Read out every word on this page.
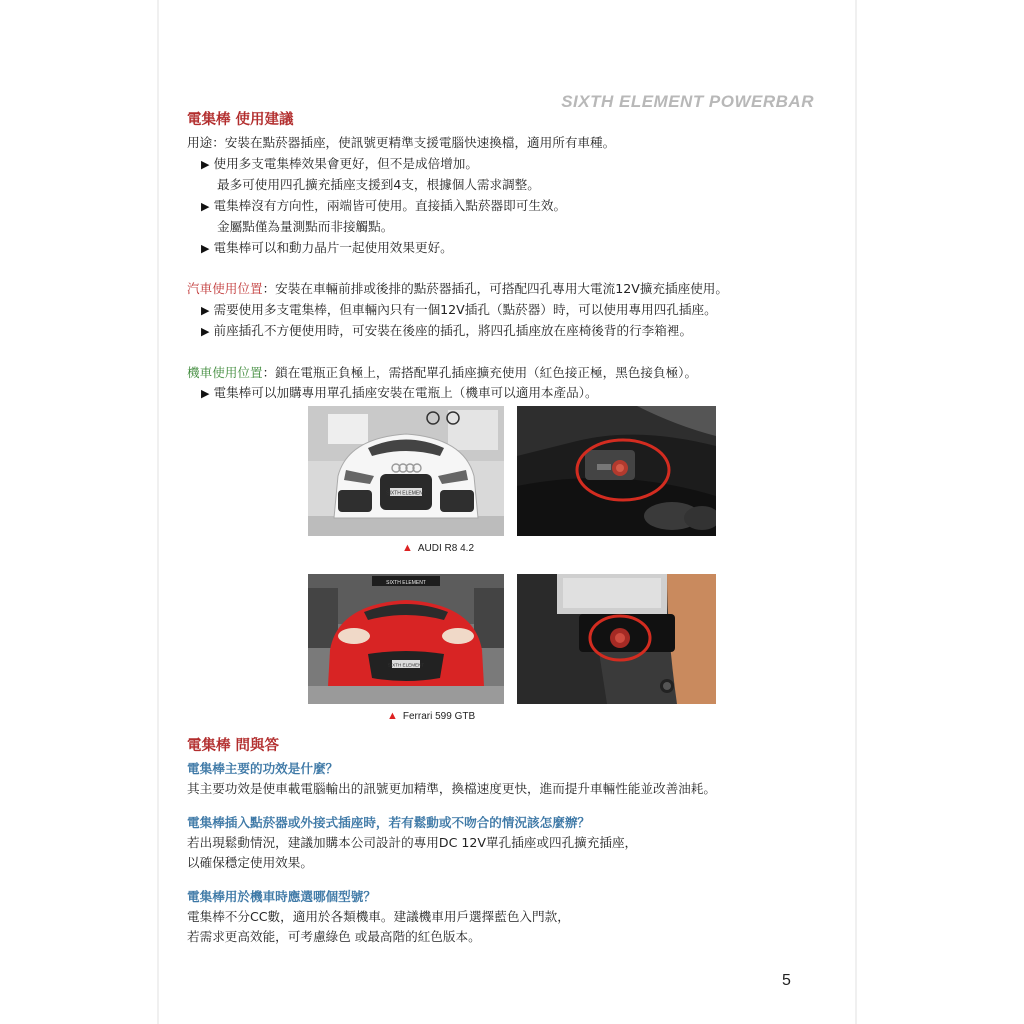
SIXTH ELEMENT POWERBAR
電集棒 使用建議
用途：安裝在點菸器插座，使訊號更精準支援電腦快速換檔，適用所有車種。
▶ 使用多支電集棒效果會更好，但不是成倍增加。
最多可使用四孔擴充插座支援到4支，根據個人需求調整。
▶ 電集棒沒有方向性，兩端皆可使用。直接插入點菸器即可生效。
金屬點僅為量測點而非接觸點。
▶ 電集棒可以和動力晶片一起使用效果更好。
汽車使用位置：安裝在車輛前排或後排的點菸器插孔，可搭配四孔專用大電流12V擴充插座使用。
▶ 需要使用多支電集棒，但車輛內只有一個12V插孔（點菸器）時，可以使用專用四孔插座。
▶ 前座插孔不方便使用時，可安裝在後座的插孔，將四孔插座放在座椅後背的行李箱裡。
機車使用位置：鎖在電瓶正負極上，需搭配單孔插座擴充使用（紅色接正極，黑色接負極）。
▶ 電集棒可以加購專用單孔插座安裝在電瓶上（機車可以適用本產品）。
SIXTH ELEMENT
▲ AUDI R8 4.2
SIXTH ELEMENT
SIXTH ELEMENT
▲ Ferrari 599 GTB
電集棒 問與答
電集棒主要的功效是什麼？
其主要功效是使車載電腦輸出的訊號更加精準，換檔速度更快，進而提升車輛性能並改善油耗。
電集棒插入點菸器或外接式插座時，若有鬆動或不吻合的情況該怎麼辦？
若出現鬆動情況，建議加購本公司設計的專用DC 12V單孔插座或四孔擴充插座，
以確保穩定使用效果。
電集棒用於機車時應選哪個型號？
電集棒不分CC數，適用於各類機車。建議機車用戶選擇藍色入門款，
若需求更高效能，可考慮綠色 或最高階的紅色版本。
5
